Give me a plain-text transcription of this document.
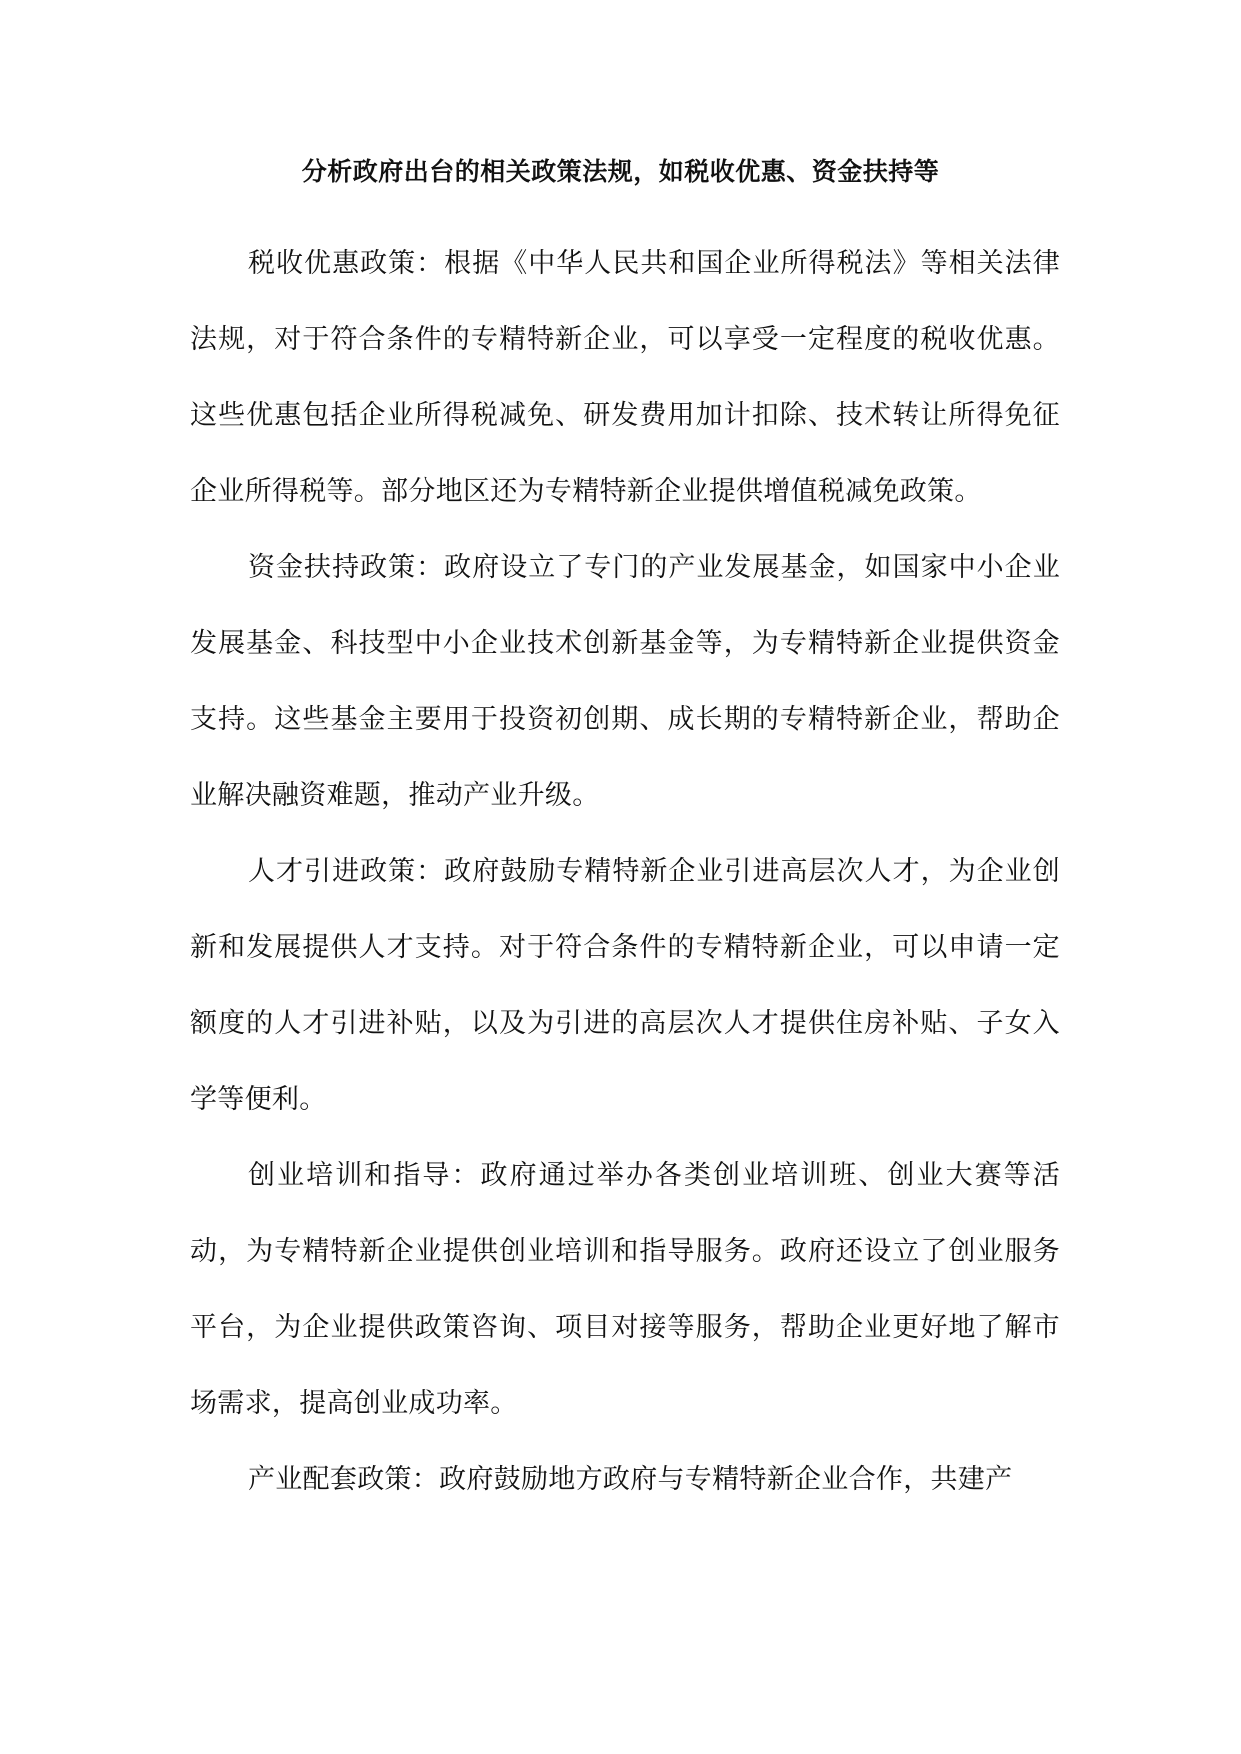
分析政府出台的相关政策法规，如税收优惠、资金扶持等

税收优惠政策：根据《中华人民共和国企业所得税法》等相关法律法规，对于符合条件的专精特新企业，可以享受一定程度的税收优惠。这些优惠包括企业所得税减免、研发费用加计扣除、技术转让所得免征企业所得税等。部分地区还为专精特新企业提供增值税减免政策。

资金扶持政策：政府设立了专门的产业发展基金，如国家中小企业发展基金、科技型中小企业技术创新基金等，为专精特新企业提供资金支持。这些基金主要用于投资初创期、成长期的专精特新企业，帮助企业解决融资难题，推动产业升级。

人才引进政策：政府鼓励专精特新企业引进高层次人才，为企业创新和发展提供人才支持。对于符合条件的专精特新企业，可以申请一定额度的人才引进补贴，以及为引进的高层次人才提供住房补贴、子女入学等便利。

创业培训和指导：政府通过举办各类创业培训班、创业大赛等活动，为专精特新企业提供创业培训和指导服务。政府还设立了创业服务平台，为企业提供政策咨询、项目对接等服务，帮助企业更好地了解市场需求，提高创业成功率。

产业配套政策：政府鼓励地方政府与专精特新企业合作，共建产
